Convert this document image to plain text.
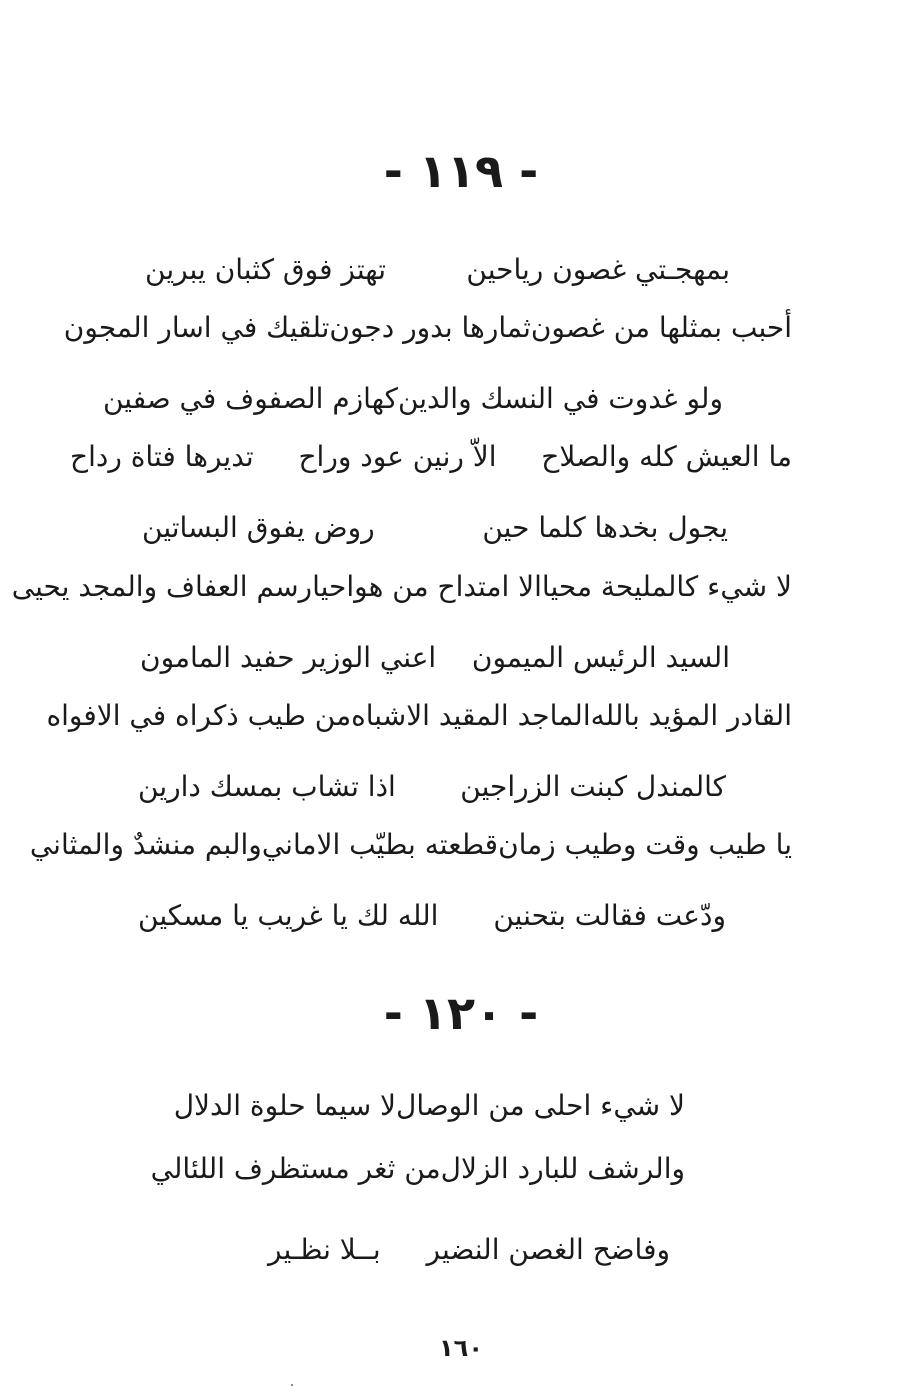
- ١١٩ -
بمهجـتي غصون رياحين
تهتز فوق كثبان يبرين
أحبب بمثلها من غصون
ثمارها بدور دجون
تلقيك في اسار المجون
ولو غدوت في النسك والدين
كهازم الصفوف في صفين
ما العيش كله والصلاح
الاّ رنين عود وراح
تديرها فتاة رداح
يجول بخدها كلما حين
روض يفوق البساتين
لا شيء كالمليحة محيا
الا امتداح من هواحيا
رسم العفاف والمجد يحيى
السيد الرئيس الميمون
اعني الوزير حفيد المامون
القادر المؤيد بالله
الماجد المقيد الاشباه
من طيب ذكراه في الافواه
كالمندل كبنت الزراجين
اذا تشاب بمسك دارين
يا طيب وقت وطيب زمان
قطعته بطيّب الاماني
والبم منشدٌ والمثاني
ودّعت فقالت بتحنين
الله لك يا غريب يا مسكين
- ١٢٠ -
لا شيء احلى من الوصال
لا سيما حلوة الدلال
والرشف للبارد الزلال
من ثغر مستظرف اللئالي
وفاضح الغصن النضير
بــلا نظـير
١٦٠
